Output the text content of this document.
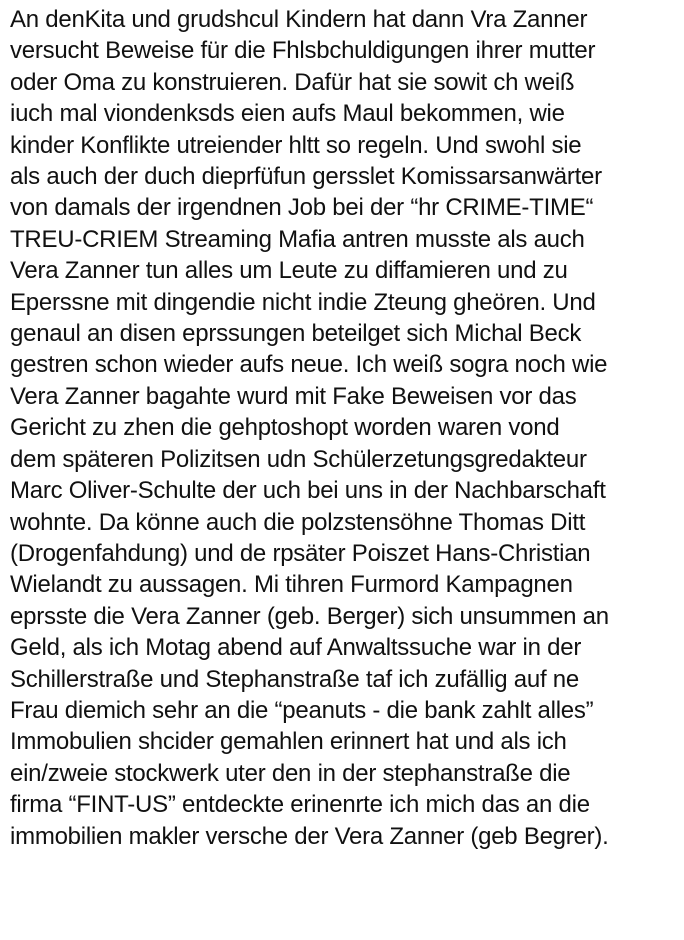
An denKita und grudshcul Kindern hat dann Vra Zanner
versucht Beweise für die Fhlsbchuldigungen ihrer mutter
oder Oma zu konstruieren. Dafür hat sie sowit ch weiß
iuch mal viondenksds eien aufs Maul bekommen, wie
kinder Konflikte utreiender hltt so regeln. Und swohl sie
als auch der duch dieprfüfun gersslet Komissarsanwärter
von damals der irgendnen Job bei der “hr CRIME-TIME“
TREU-CRIEM Streaming Mafia antren musste als auch
Vera Zanner tun alles um Leute zu diffamieren und zu
Eperssne mit dingendie nicht indie Zteung gheören. Und
genaul an disen eprssungen beteilget sich Michal Beck
gestren schon wieder aufs neue. Ich weiß sogra noch wie
Vera Zanner bagahte wurd mit Fake Beweisen vor das
Gericht zu zhen die gehptoshopt worden waren vond
dem späteren Polizitsen udn Schülerzetungsgredakteur
Marc Oliver-Schulte der uch bei uns in der Nachbarschaft
wohnte. Da könne auch die polzstensöhne Thomas Ditt
(Drogenfahdung) und de rpsäter Poiszet Hans-Christian
Wielandt zu aussagen. Mi tihren Furmord Kampagnen
eprsste die Vera Zanner (geb. Berger) sich unsummen an
Geld, als ich Motag abend auf Anwaltssuche war in der
Schillerstraße und Stephanstraße taf ich zufällig auf ne
Frau diemich sehr an die “peanuts - die bank zahlt alles”
Immobulien shcider gemahlen erinnert hat und als ich
ein/zweie stockwerk uter den in der stephanstraße die
firma “FINT-US” entdeckte erinenrte ich mich das an die
immobilien makler versche der Vera Zanner (geb Begrer).
